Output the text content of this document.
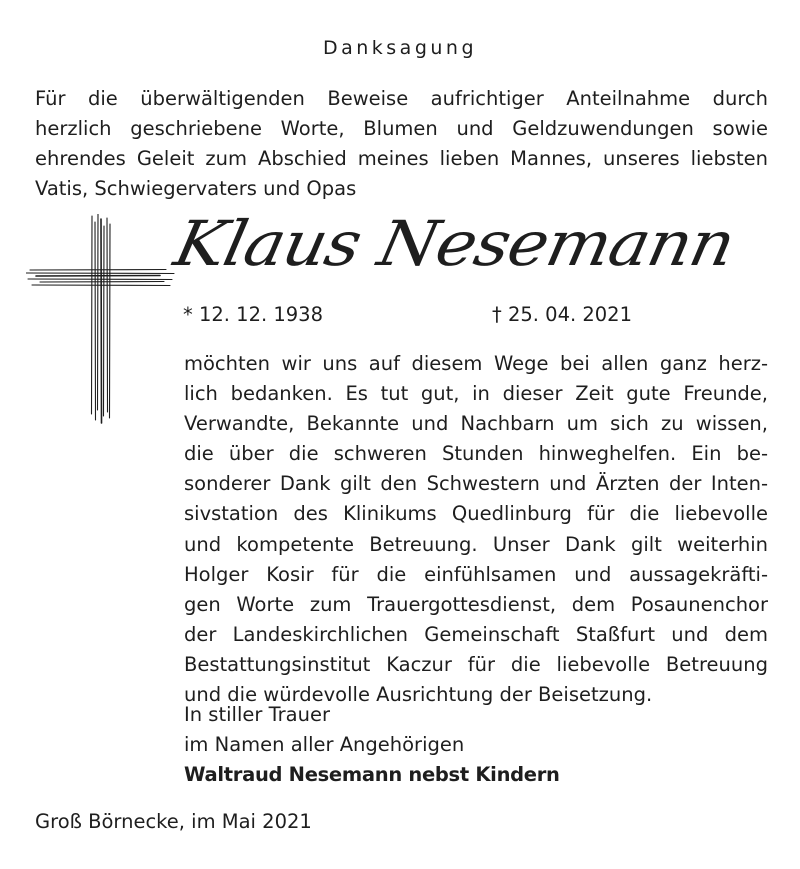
Danksagung
Für die überwältigenden Beweise aufrichtiger Anteilnahme durch
herzlich geschriebene Worte, Blumen und Geldzuwendungen sowie
ehrendes Geleit zum Abschied meines lieben Mannes, unseres liebsten
Vatis, Schwiegervaters und Opas
Klaus Nesemann
* 12. 12. 1938	† 25. 04. 2021
möchten wir uns auf diesem Wege bei allen ganz herz-
lich bedanken. Es tut gut, in dieser Zeit gute Freunde,
Verwandte, Bekannte und Nachbarn um sich zu wissen,
die über die schweren Stunden hinweghelfen. Ein be-
sonderer Dank gilt den Schwestern und Ärzten der Inten-
sivstation des Klinikums Quedlinburg für die liebevolle
und kompetente Betreuung. Unser Dank gilt weiterhin
Holger Kosir für die einfühlsamen und aussagekräfti-
gen Worte zum Trauergottesdienst, dem Posaunenchor
der Landeskirchlichen Gemeinschaft Staßfurt und dem
Bestattungsinstitut Kaczur für die liebevolle Betreuung
und die würdevolle Ausrichtung der Beisetzung.
In stiller Trauer
im Namen aller Angehörigen
Waltraud Nesemann nebst Kindern
Groß Börnecke, im Mai 2021
